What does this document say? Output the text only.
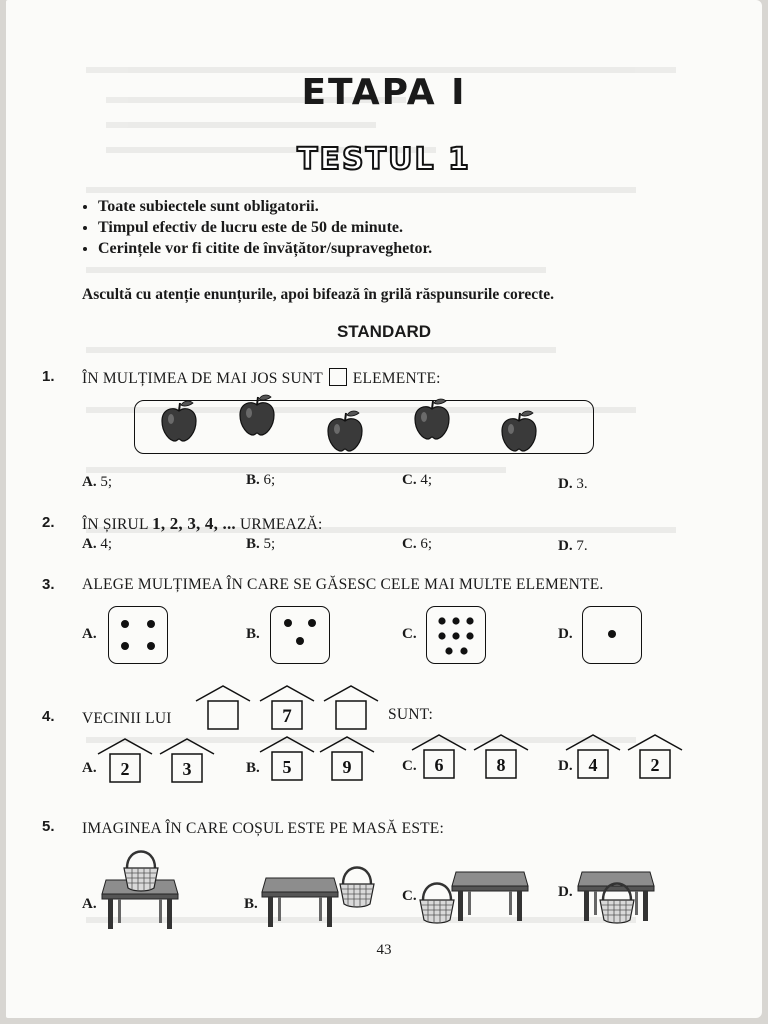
ETAPA I
TESTUL 1
• Toate subiectele sunt obligatorii.
• Timpul efectiv de lucru este de 50 de minute.
• Cerințele vor fi citite de învățător/supraveghetor.
Ascultă cu atenție enunțurile, apoi bifează în grilă răspunsurile corecte.
STANDARD
1. ÎN MULȚIMEA DE MAI JOS SUNT ELEMENTE:
A. 5;	B. 6;	C. 4;	D. 3.
2. ÎN ȘIRUL 1, 2, 3, 4, ... URMEAZĂ:
A. 4;	B. 5;	C. 6;	D. 7.
3. ALEGE MULȚIMEA ÎN CARE SE GĂSESC CELE MAI MULTE ELEMENTE.
A.	B.	C.	D.
4. VECINII LUI	SUNT:
7
A. 2	3	B. 5	9	C. 6	8	D. 4	2
5. IMAGINEA ÎN CARE COȘUL ESTE PE MASĂ ESTE:
A.	B.	C.	D.
43
